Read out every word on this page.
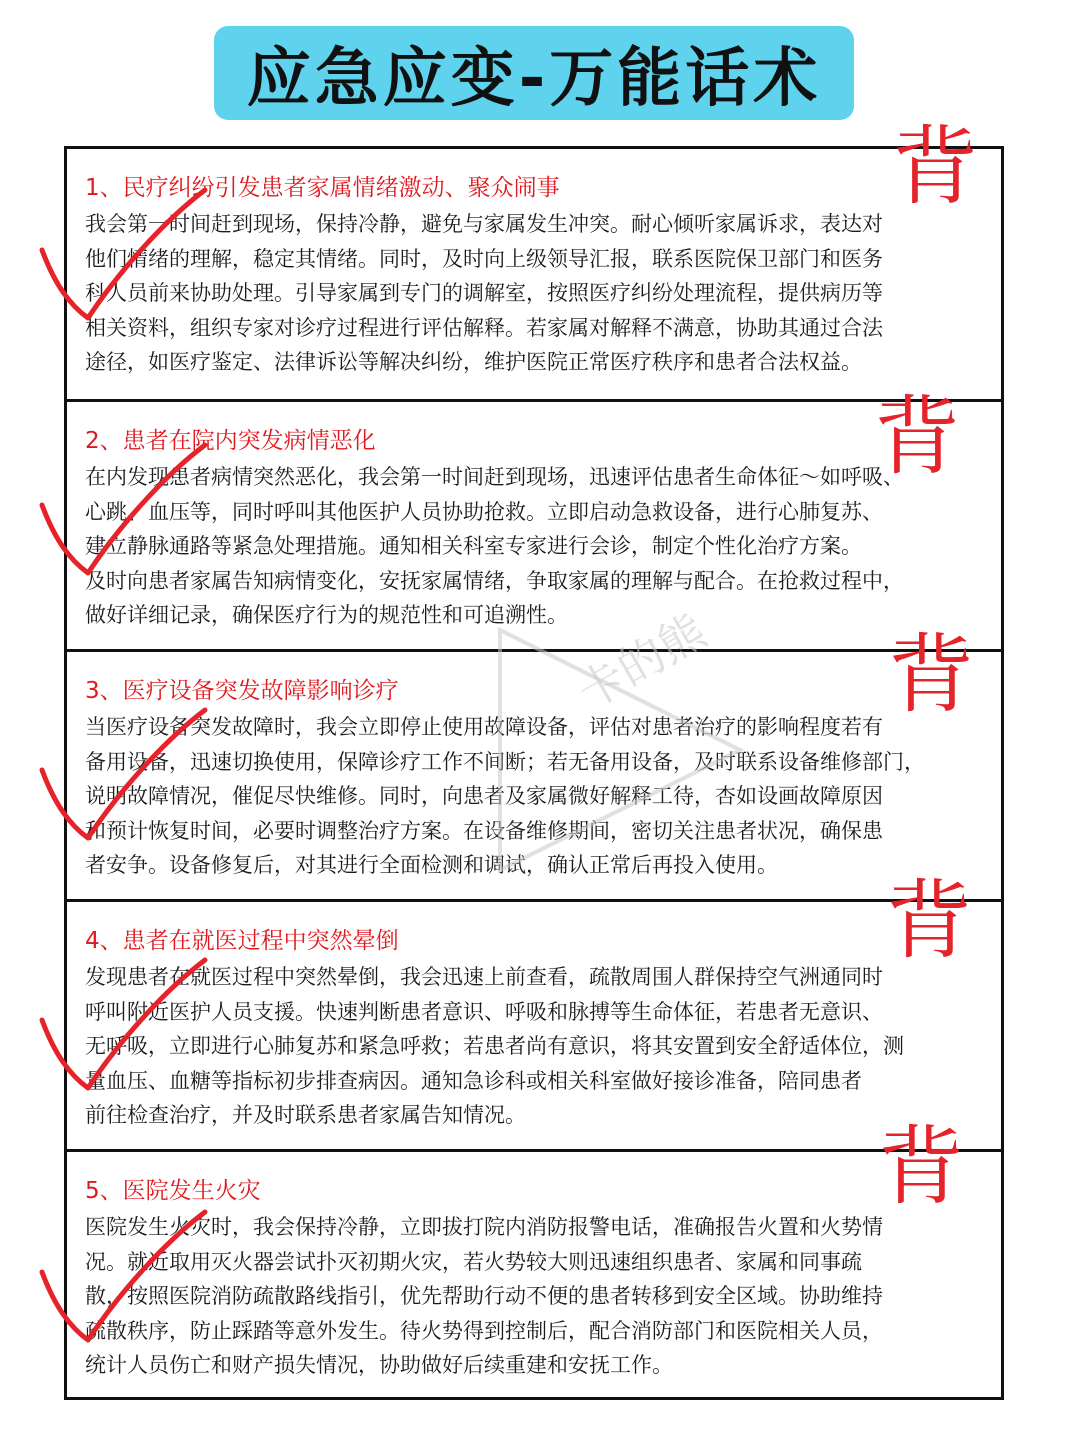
应急应变-万能话术
1、民疗纠纷引发患者家属情绪激动、聚众闹事
我会第一时间赶到现场，保持冷静，避免与家属发生冲突。耐心倾听家属诉求，表达对
他们情绪的理解，稳定其情绪。同时，及时向上级领导汇报，联系医院保卫部门和医务
科人员前来协助处理。引导家属到专门的调解室，按照医疗纠纷处理流程，提供病历等
相关资料，组织专家对诊疗过程进行评估解释。若家属对解释不满意，协助其通过合法
途径，如医疗鉴定、法律诉讼等解决纠纷，维护医院正常医疗秩序和患者合法权益。
2、患者在院内突发病情恶化
在内发现患者病情突然恶化，我会第一时间赶到现场，迅速评估患者生命体征～如呼吸、
心跳、血压等，同时呼叫其他医护人员协助抢救。立即启动急救设备，进行心肺复苏、
建立静脉通路等紧急处理措施。通知相关科室专家进行会诊，制定个性化治疗方案。
及时向患者家属告知病情变化，安抚家属情绪，争取家属的理解与配合。在抢救过程中，
做好详细记录，确保医疗行为的规范性和可追溯性。
3、医疗设备突发故障影响诊疗
当医疗设备突发故障时，我会立即停止使用故障设备，评估对患者治疗的影响程度若有
备用设备，迅速切换使用，保障诊疗工作不间断；若无备用设备，及时联系设备维修部门，
说明故障情况，催促尽快维修。同时，向患者及家属微好解释工待，杏如设画故障原因
和预计恢复时间，必要时调整治疗方案。在设备维修期间，密切关注患者状况，确保患
者安争。设备修复后，对其进行全面检测和调试，确认正常后再投入使用。
4、患者在就医过程中突然晕倒
发现患者在就医过程中突然晕倒，我会迅速上前查看，疏散周围人群保持空气洲通同时
呼叫附近医护人员支援。快速判断患者意识、呼吸和脉搏等生命体征，若患者无意识、
无呼吸，立即进行心肺复苏和紧急呼救；若患者尚有意识，将其安置到安全舒适体位，测
量血压、血糖等指标初步排查病因。通知急诊科或相关科室做好接诊准备，陪同患者
前往检查治疗，并及时联系患者家属告知情况。
5、医院发生火灾
医院发生火灾时，我会保持冷静，立即拔打院内消防报警电话，准确报告火置和火势情
况。就近取用灭火器尝试扑灭初期火灾，若火势较大则迅速组织患者、家属和同事疏
散，按照医院消防疏散路线指引，优先帮助行动不便的患者转移到安全区域。协助维持
疏散秩序，防止踩踏等意外发生。待火势得到控制后，配合消防部门和医院相关人员，
统计人员伤亡和财产损失情况，协助做好后续重建和安抚工作。
卡的熊
背
背
背
背
背
